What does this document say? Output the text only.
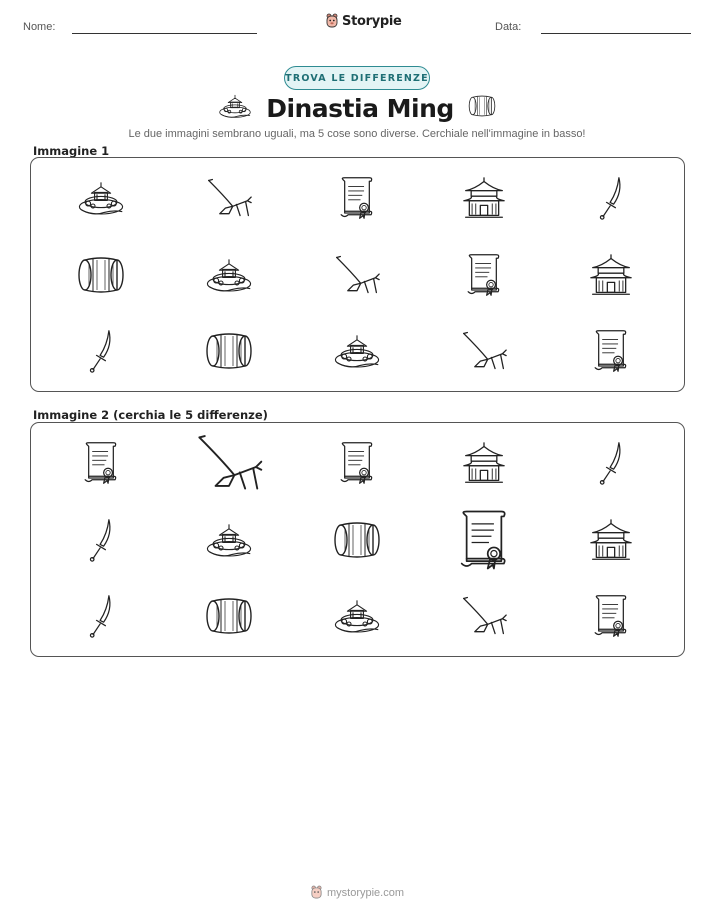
Nome:	Storypie	Data:
TROVA LE DIFFERENZE
Dinastia Ming
Le due immagini sembrano uguali, ma 5 cose sono diverse. Cerchiale nell'immagine in basso!
Immagine 1
Immagine 2 (cerchia le 5 differenze)
mystorypie.com
